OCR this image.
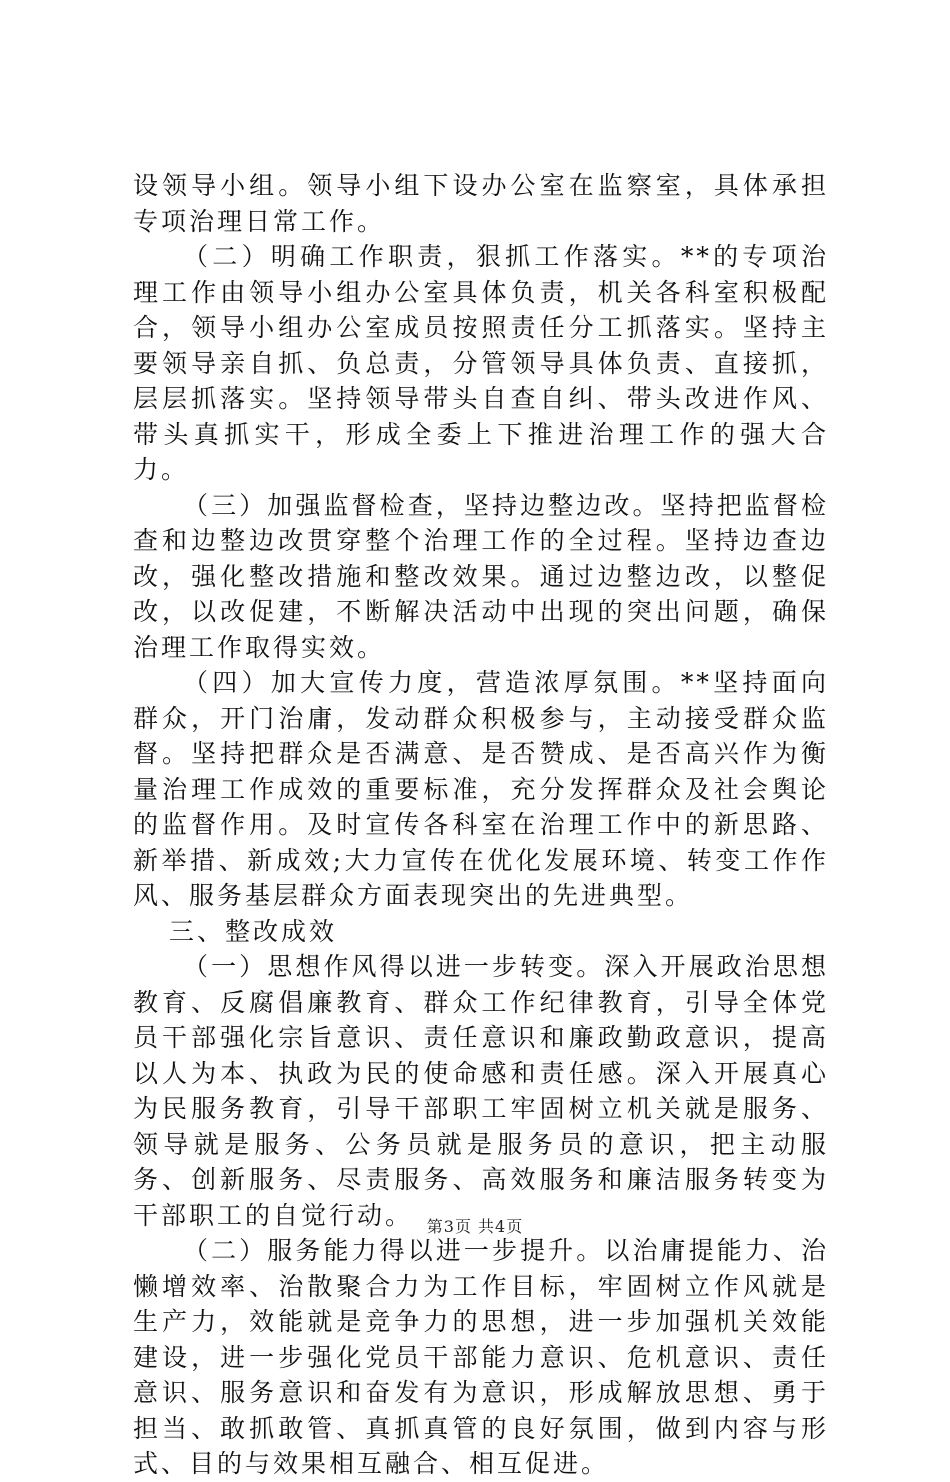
设领导小组。领导小组下设办公室在监察室，具体承担专项治理日常工作。

（二）明确工作职责，狠抓工作落实。**的专项治理工作由领导小组办公室具体负责，机关各科室积极配合，领导小组办公室成员按照责任分工抓落实。坚持主要领导亲自抓、负总责，分管领导具体负责、直接抓，层层抓落实。坚持领导带头自查自纠、带头改进作风、带头真抓实干，形成全委上下推进治理工作的强大合力。

（三）加强监督检查，坚持边整边改。坚持把监督检查和边整边改贯穿整个治理工作的全过程。坚持边查边改，强化整改措施和整改效果。通过边整边改，以整促改，以改促建，不断解决活动中出现的突出问题，确保治理工作取得实效。

（四）加大宣传力度，营造浓厚氛围。**坚持面向群众，开门治庸，发动群众积极参与，主动接受群众监督。坚持把群众是否满意、是否赞成、是否高兴作为衡量治理工作成效的重要标准，充分发挥群众及社会舆论的监督作用。及时宣传各科室在治理工作中的新思路、新举措、新成效;大力宣传在优化发展环境、转变工作作风、服务基层群众方面表现突出的先进典型。

三、整改成效

（一）思想作风得以进一步转变。深入开展政治思想教育、反腐倡廉教育、群众工作纪律教育，引导全体党员干部强化宗旨意识、责任意识和廉政勤政意识，提高以人为本、执政为民的使命感和责任感。深入开展真心为民服务教育，引导干部职工牢固树立机关就是服务、领导就是服务、公务员就是服务员的意识，把主动服务、创新服务、尽责服务、高效服务和廉洁服务转变为干部职工的自觉行动。

（二）服务能力得以进一步提升。以治庸提能力、治懒增效率、治散聚合力为工作目标，牢固树立作风就是生产力，效能就是竞争力的思想，进一步加强机关效能建设，进一步强化党员干部能力意识、危机意识、责任意识、服务意识和奋发有为意识，形成解放思想、勇于担当、敢抓敢管、真抓真管的良好氛围，做到内容与形式、目的与效果相互融合、相互促进。

第3页 共4页
